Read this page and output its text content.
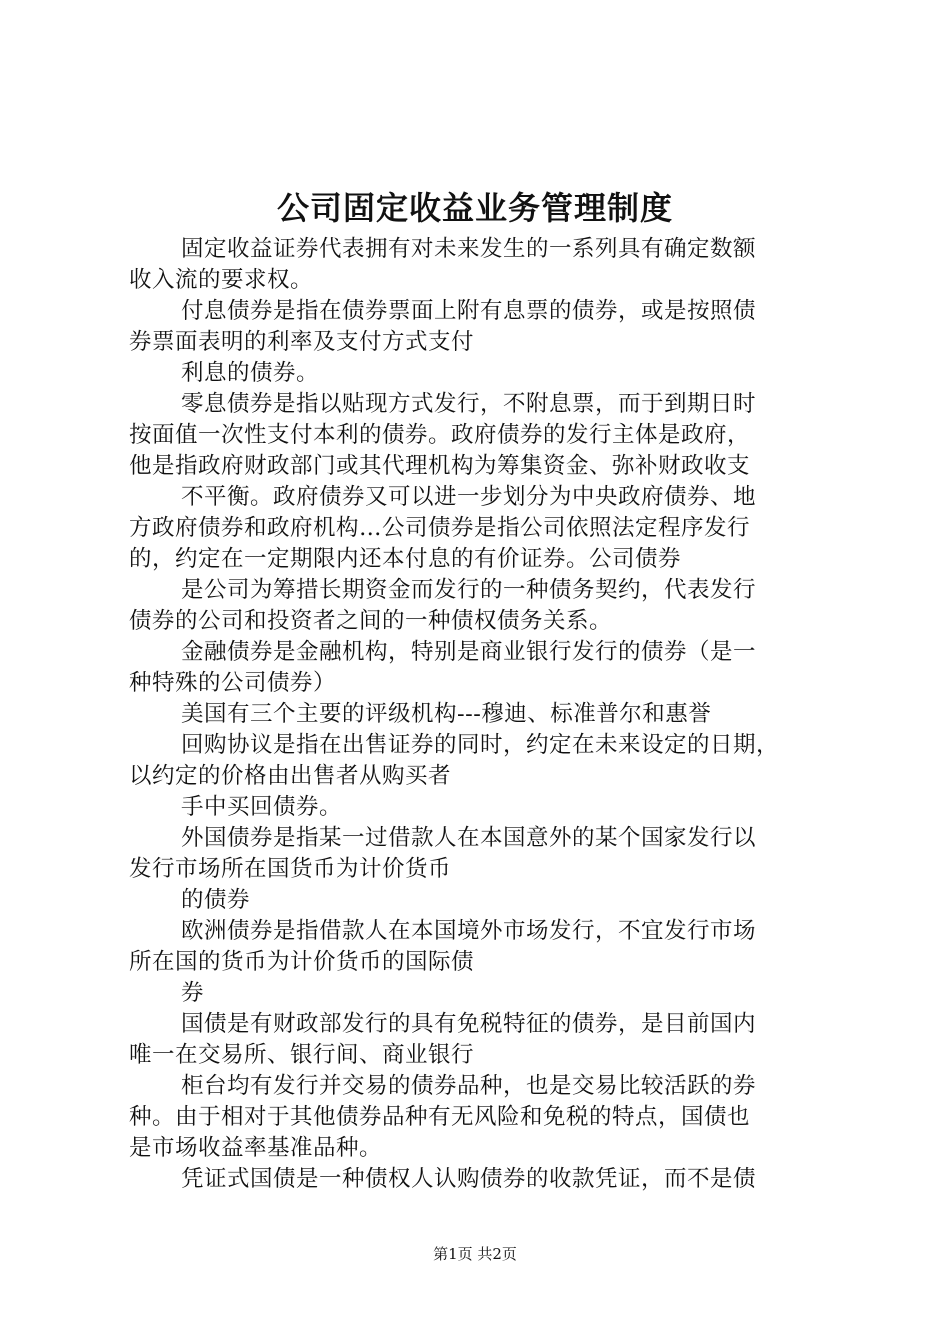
公司固定收益业务管理制度
固定收益证券代表拥有对未来发生的一系列具有确定数额
收入流的要求权。
付息债券是指在债券票面上附有息票的债券，或是按照债
券票面表明的利率及支付方式支付
利息的债券。
零息债券是指以贴现方式发行，不附息票，而于到期日时
按面值一次性支付本利的债券。政府债券的发行主体是政府，
他是指政府财政部门或其代理机构为筹集资金、弥补财政收支
不平衡。政府债券又可以进一步划分为中央政府债券、地
方政府债券和政府机构…公司债券是指公司依照法定程序发行
的，约定在一定期限内还本付息的有价证券。公司债券
是公司为筹措长期资金而发行的一种债务契约，代表发行
债券的公司和投资者之间的一种债权债务关系。
金融债券是金融机构，特别是商业银行发行的债券（是一
种特殊的公司债券）
美国有三个主要的评级机构---穆迪、标准普尔和惠誉
回购协议是指在出售证券的同时，约定在未来设定的日期，
以约定的价格由出售者从购买者
手中买回债券。
外国债券是指某一过借款人在本国意外的某个国家发行以
发行市场所在国货币为计价货币
的债券
欧洲债券是指借款人在本国境外市场发行，不宜发行市场
所在国的货币为计价货币的国际债
券
国债是有财政部发行的具有免税特征的债券，是目前国内
唯一在交易所、银行间、商业银行
柜台均有发行并交易的债券品种，也是交易比较活跃的券
种。由于相对于其他债券品种有无风险和免税的特点，国债也
是市场收益率基准品种。
凭证式国债是一种债权人认购债券的收款凭证，而不是债
第1页 共2页
